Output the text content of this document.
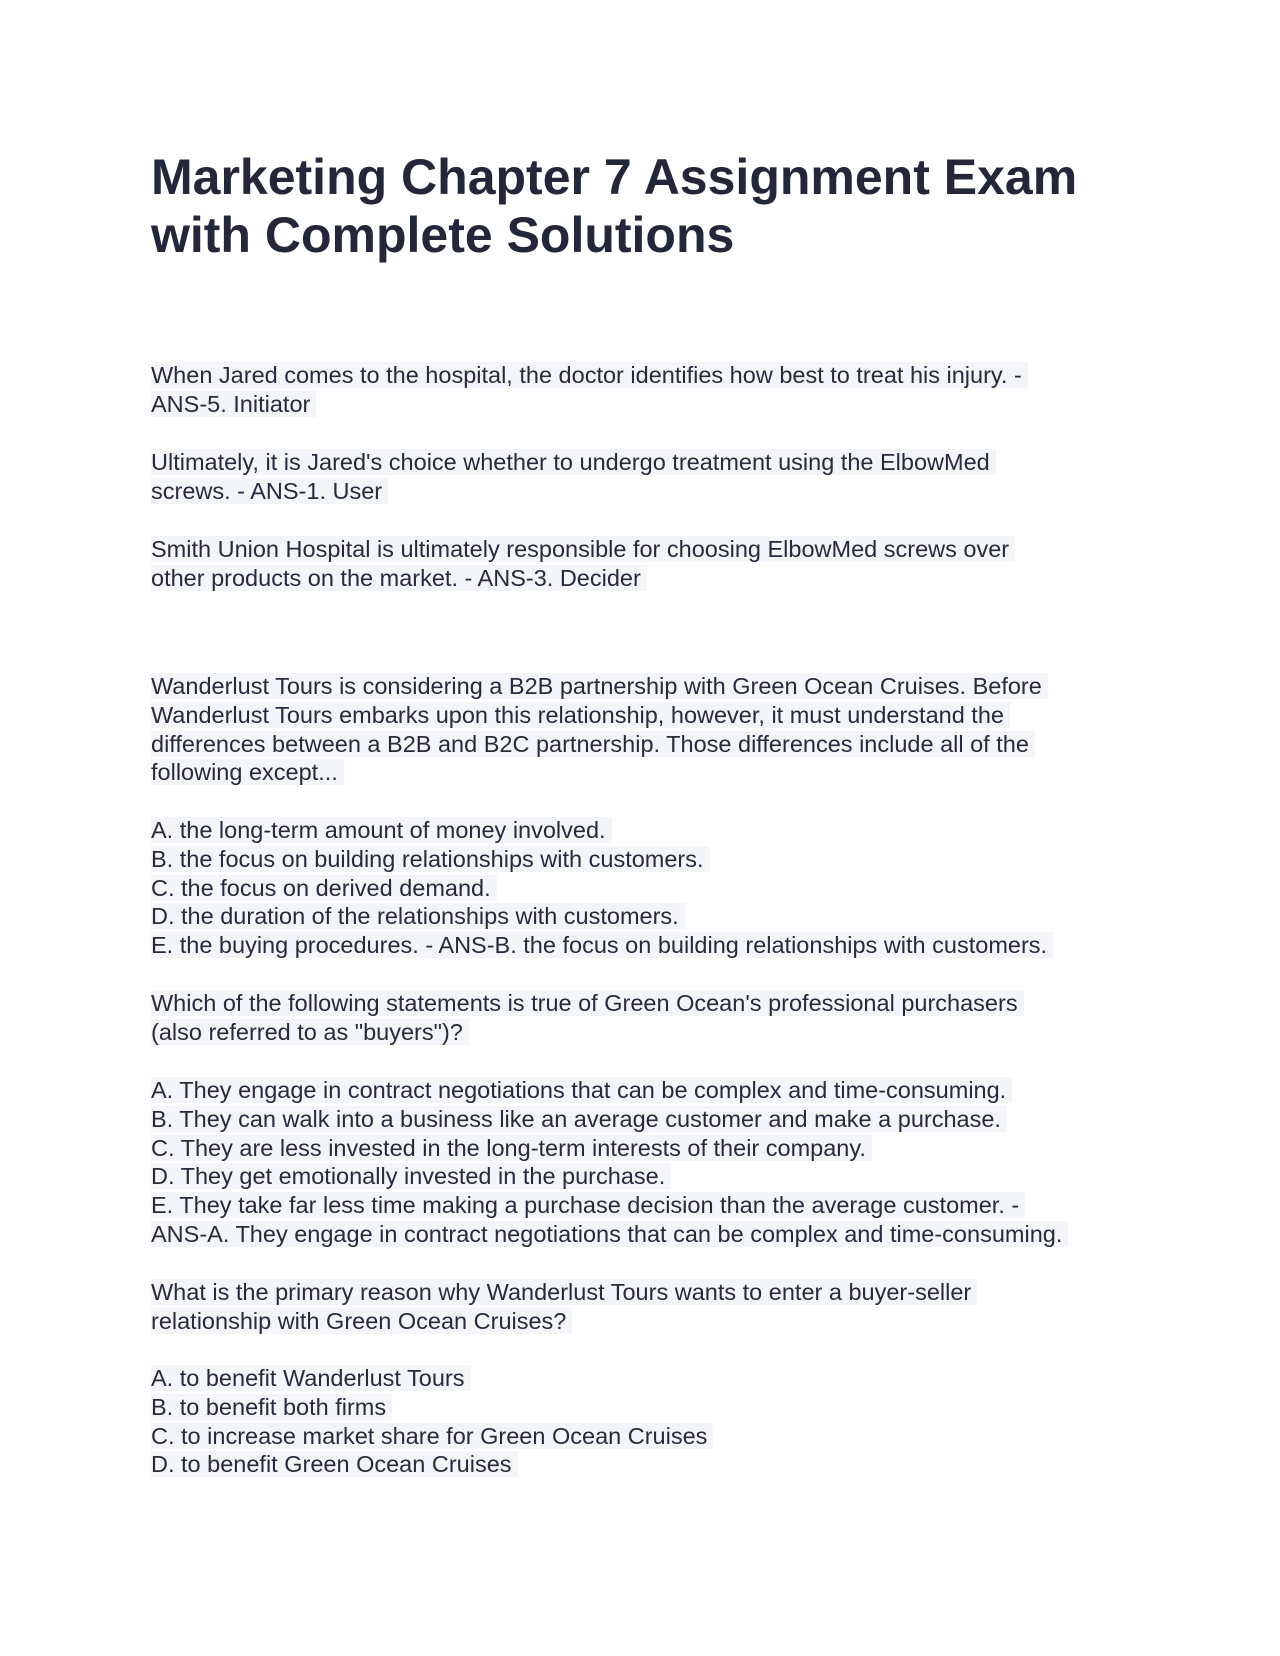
Marketing Chapter 7 Assignment Exam
with Complete Solutions
When Jared comes to the hospital, the doctor identifies how best to treat his injury. -
ANS-5. Initiator
Ultimately, it is Jared's choice whether to undergo treatment using the ElbowMed
screws. - ANS-1. User
Smith Union Hospital is ultimately responsible for choosing ElbowMed screws over
other products on the market. - ANS-3. Decider
Wanderlust Tours is considering a B2B partnership with Green Ocean Cruises. Before
Wanderlust Tours embarks upon this relationship, however, it must understand the
differences between a B2B and B2C partnership. Those differences include all of the
following except...
A. the long-term amount of money involved.
B. the focus on building relationships with customers.
C. the focus on derived demand.
D. the duration of the relationships with customers.
E. the buying procedures. - ANS-B. the focus on building relationships with customers.
Which of the following statements is true of Green Ocean's professional purchasers
(also referred to as "buyers")?
A. They engage in contract negotiations that can be complex and time-consuming.
B. They can walk into a business like an average customer and make a purchase.
C. They are less invested in the long-term interests of their company.
D. They get emotionally invested in the purchase.
E. They take far less time making a purchase decision than the average customer. -
ANS-A. They engage in contract negotiations that can be complex and time-consuming.
What is the primary reason why Wanderlust Tours wants to enter a buyer-seller
relationship with Green Ocean Cruises?
A. to benefit Wanderlust Tours
B. to benefit both firms
C. to increase market share for Green Ocean Cruises
D. to benefit Green Ocean Cruises
